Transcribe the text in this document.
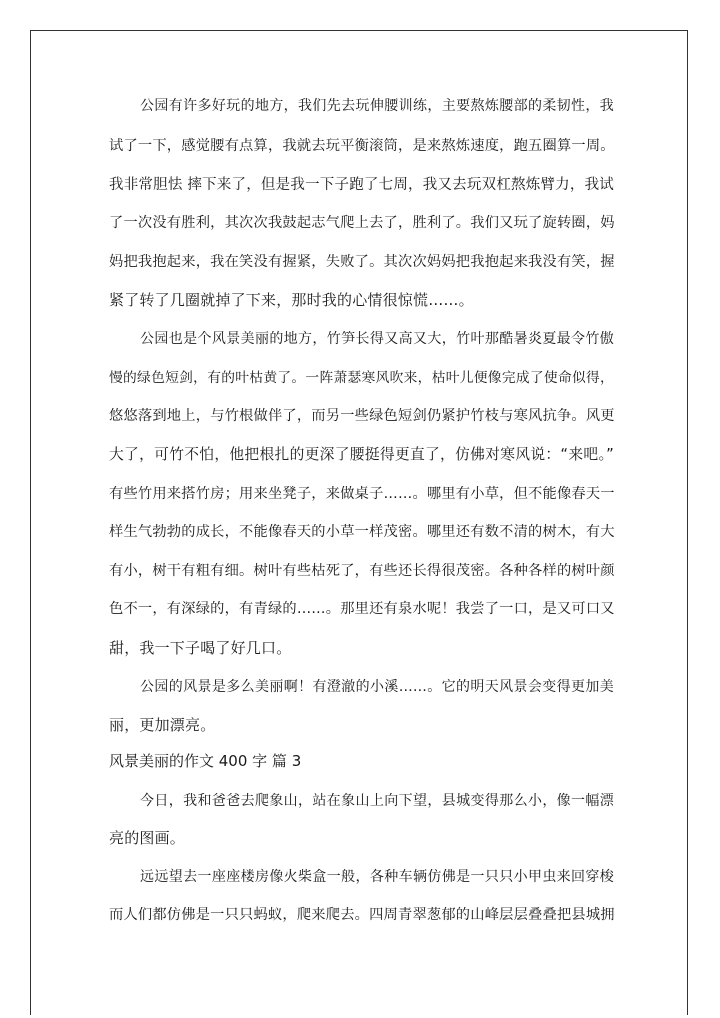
公园有许多好玩的地方，我们先去玩伸腰训练，主要熬炼腰部的柔韧性，我
试了一下，感觉腰有点算，我就去玩平衡滚筒，是来熬炼速度，跑五圈算一周。
我非常胆怯 摔下来了，但是我一下子跑了七周，我又去玩双杠熬炼臂力，我试
了一次没有胜利，其次次我鼓起志气爬上去了，胜利了。我们又玩了旋转圈，妈
妈把我抱起来，我在笑没有握紧，失败了。其次次妈妈把我抱起来我没有笑，握
紧了转了几圈就掉了下来，那时我的心情很惊慌……。
公园也是个风景美丽的地方，竹笋长得又高又大，竹叶那酷暑炎夏最令竹傲
慢的绿色短剑，有的叶枯黄了。一阵萧瑟寒风吹来，枯叶儿便像完成了使命似得，
悠悠落到地上，与竹根做伴了，而另一些绿色短剑仍紧护竹枝与寒风抗争。风更
大了，可竹不怕，他把根扎的更深了腰挺得更直了，仿佛对寒风说：“来吧。”
有些竹用来搭竹房；用来坐凳子，来做桌子……。哪里有小草，但不能像春天一
样生气勃勃的成长，不能像春天的小草一样茂密。哪里还有数不清的树木，有大
有小，树干有粗有细。树叶有些枯死了，有些还长得很茂密。各种各样的树叶颜
色不一，有深绿的，有青绿的……。那里还有泉水呢！我尝了一口，是又可口又
甜，我一下子喝了好几口。
公园的风景是多么美丽啊！有澄澈的小溪……。它的明天风景会变得更加美
丽，更加漂亮。
风景美丽的作文 400 字 篇 3
今日，我和爸爸去爬象山，站在象山上向下望，县城变得那么小，像一幅漂
亮的图画。
远远望去一座座楼房像火柴盒一般，各种车辆仿佛是一只只小甲虫来回穿梭
而人们都仿佛是一只只蚂蚁，爬来爬去。四周青翠葱郁的山峰层层叠叠把县城拥
